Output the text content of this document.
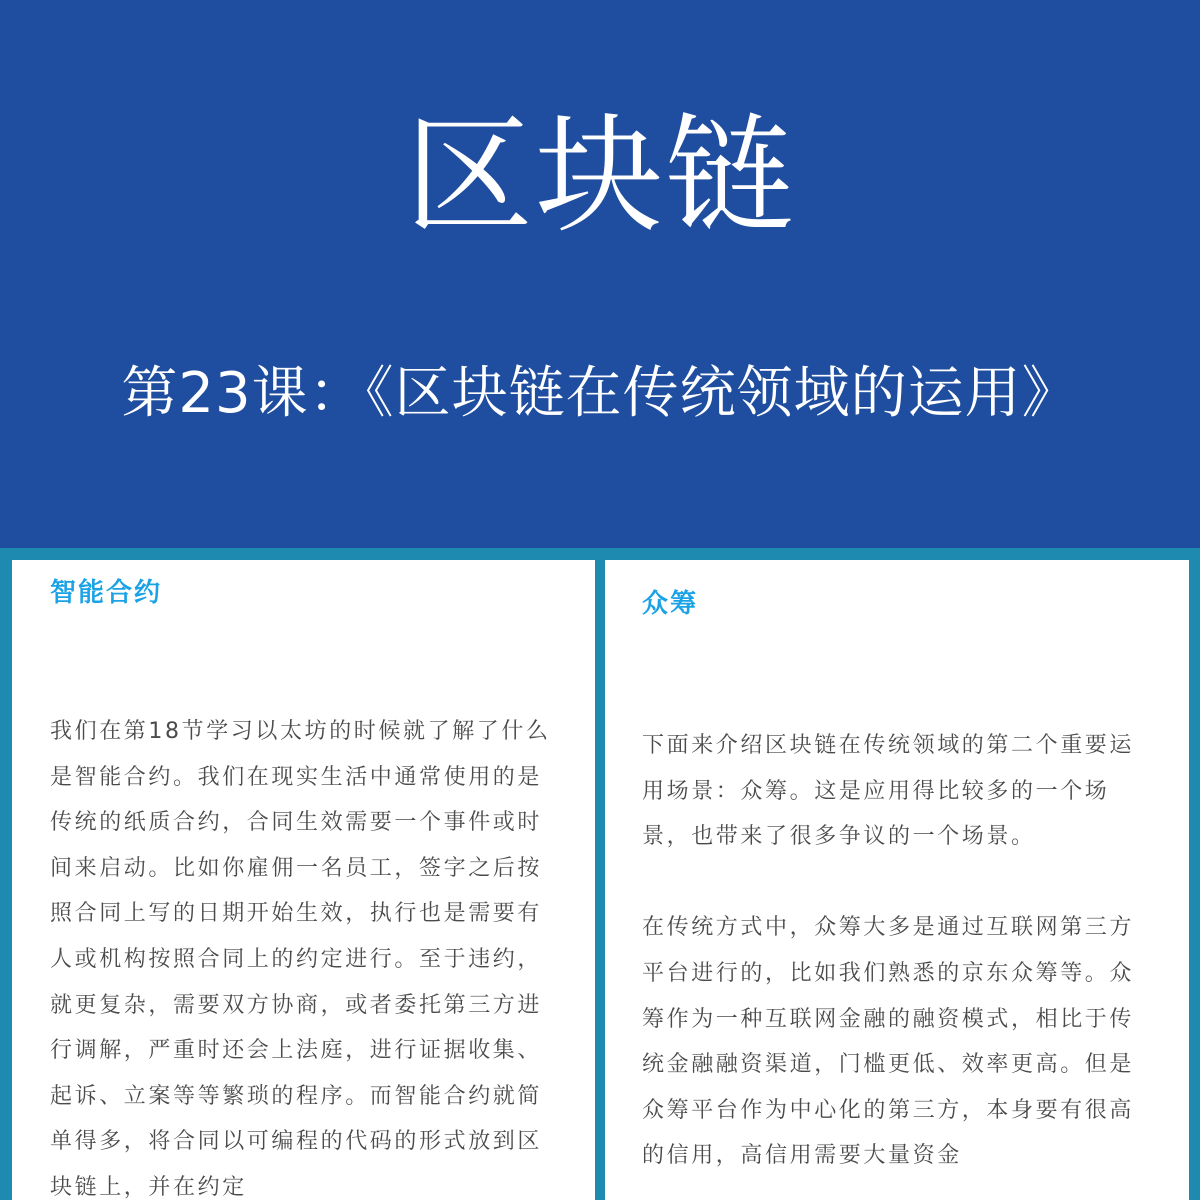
区块链
第23课：《区块链在传统领域的运用》
智能合约

我们在第18节学习以太坊的时候就了解了什么是智能合约。我们在现实生活中通常使用的是传统的纸质合约，合同生效需要一个事件或时间来启动。比如你雇佣一名员工，签字之后按照合同上写的日期开始生效，执行也是需要有人或机构按照合同上的约定进行。至于违约，就更复杂，需要双方协商，或者委托第三方进行调解，严重时还会上法庭，进行证据收集、起诉、立案等等繁琐的程序。而智能合约就简单得多，将合同以可编程的代码的形式放到区块链上，并在约定

众筹

下面来介绍区块链在传统领域的第二个重要运用场景：众筹。这是应用得比较多的一个场景，也带来了很多争议的一个场景。

在传统方式中，众筹大多是通过互联网第三方平台进行的，比如我们熟悉的京东众筹等。众筹作为一种互联网金融的融资模式，相比于传统金融融资渠道，门槛更低、效率更高。但是众筹平台作为中心化的第三方，本身要有很高的信用，高信用需要大量资金
